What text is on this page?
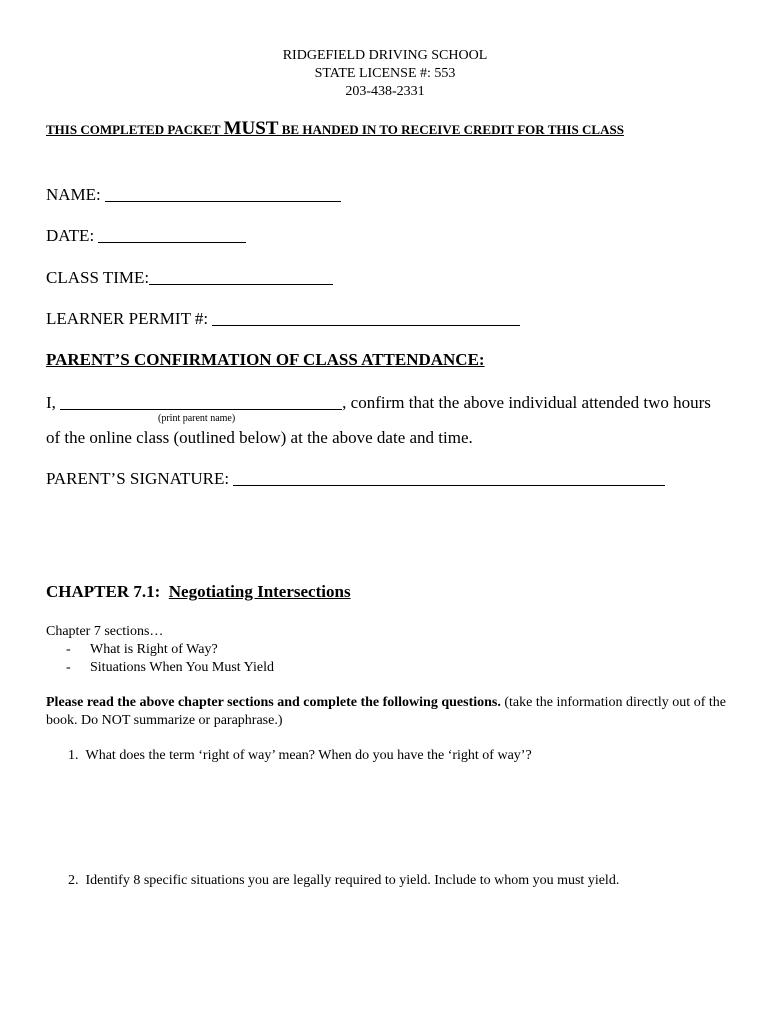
RIDGEFIELD DRIVING SCHOOL
STATE LICENSE #: 553
203-438-2331
THIS COMPLETED PACKET MUST BE HANDED IN TO RECEIVE CREDIT FOR THIS CLASS
NAME:
DATE:
CLASS TIME:
LEARNER PERMIT #:
PARENT’S CONFIRMATION OF CLASS ATTENDANCE:
I,	, confirm that the above individual attended two hours
(print parent name)
of the online class (outlined below) at the above date and time.
PARENT’S SIGNATURE:
CHAPTER 7.1: Negotiating Intersections
Chapter 7 sections…
- What is Right of Way?
- Situations When You Must Yield
Please read the above chapter sections and complete the following questions. (take the information directly out of the book. Do NOT summarize or paraphrase.)
1. What does the term ‘right of way’ mean? When do you have the ‘right of way’?
2. Identify 8 specific situations you are legally required to yield. Include to whom you must yield.
